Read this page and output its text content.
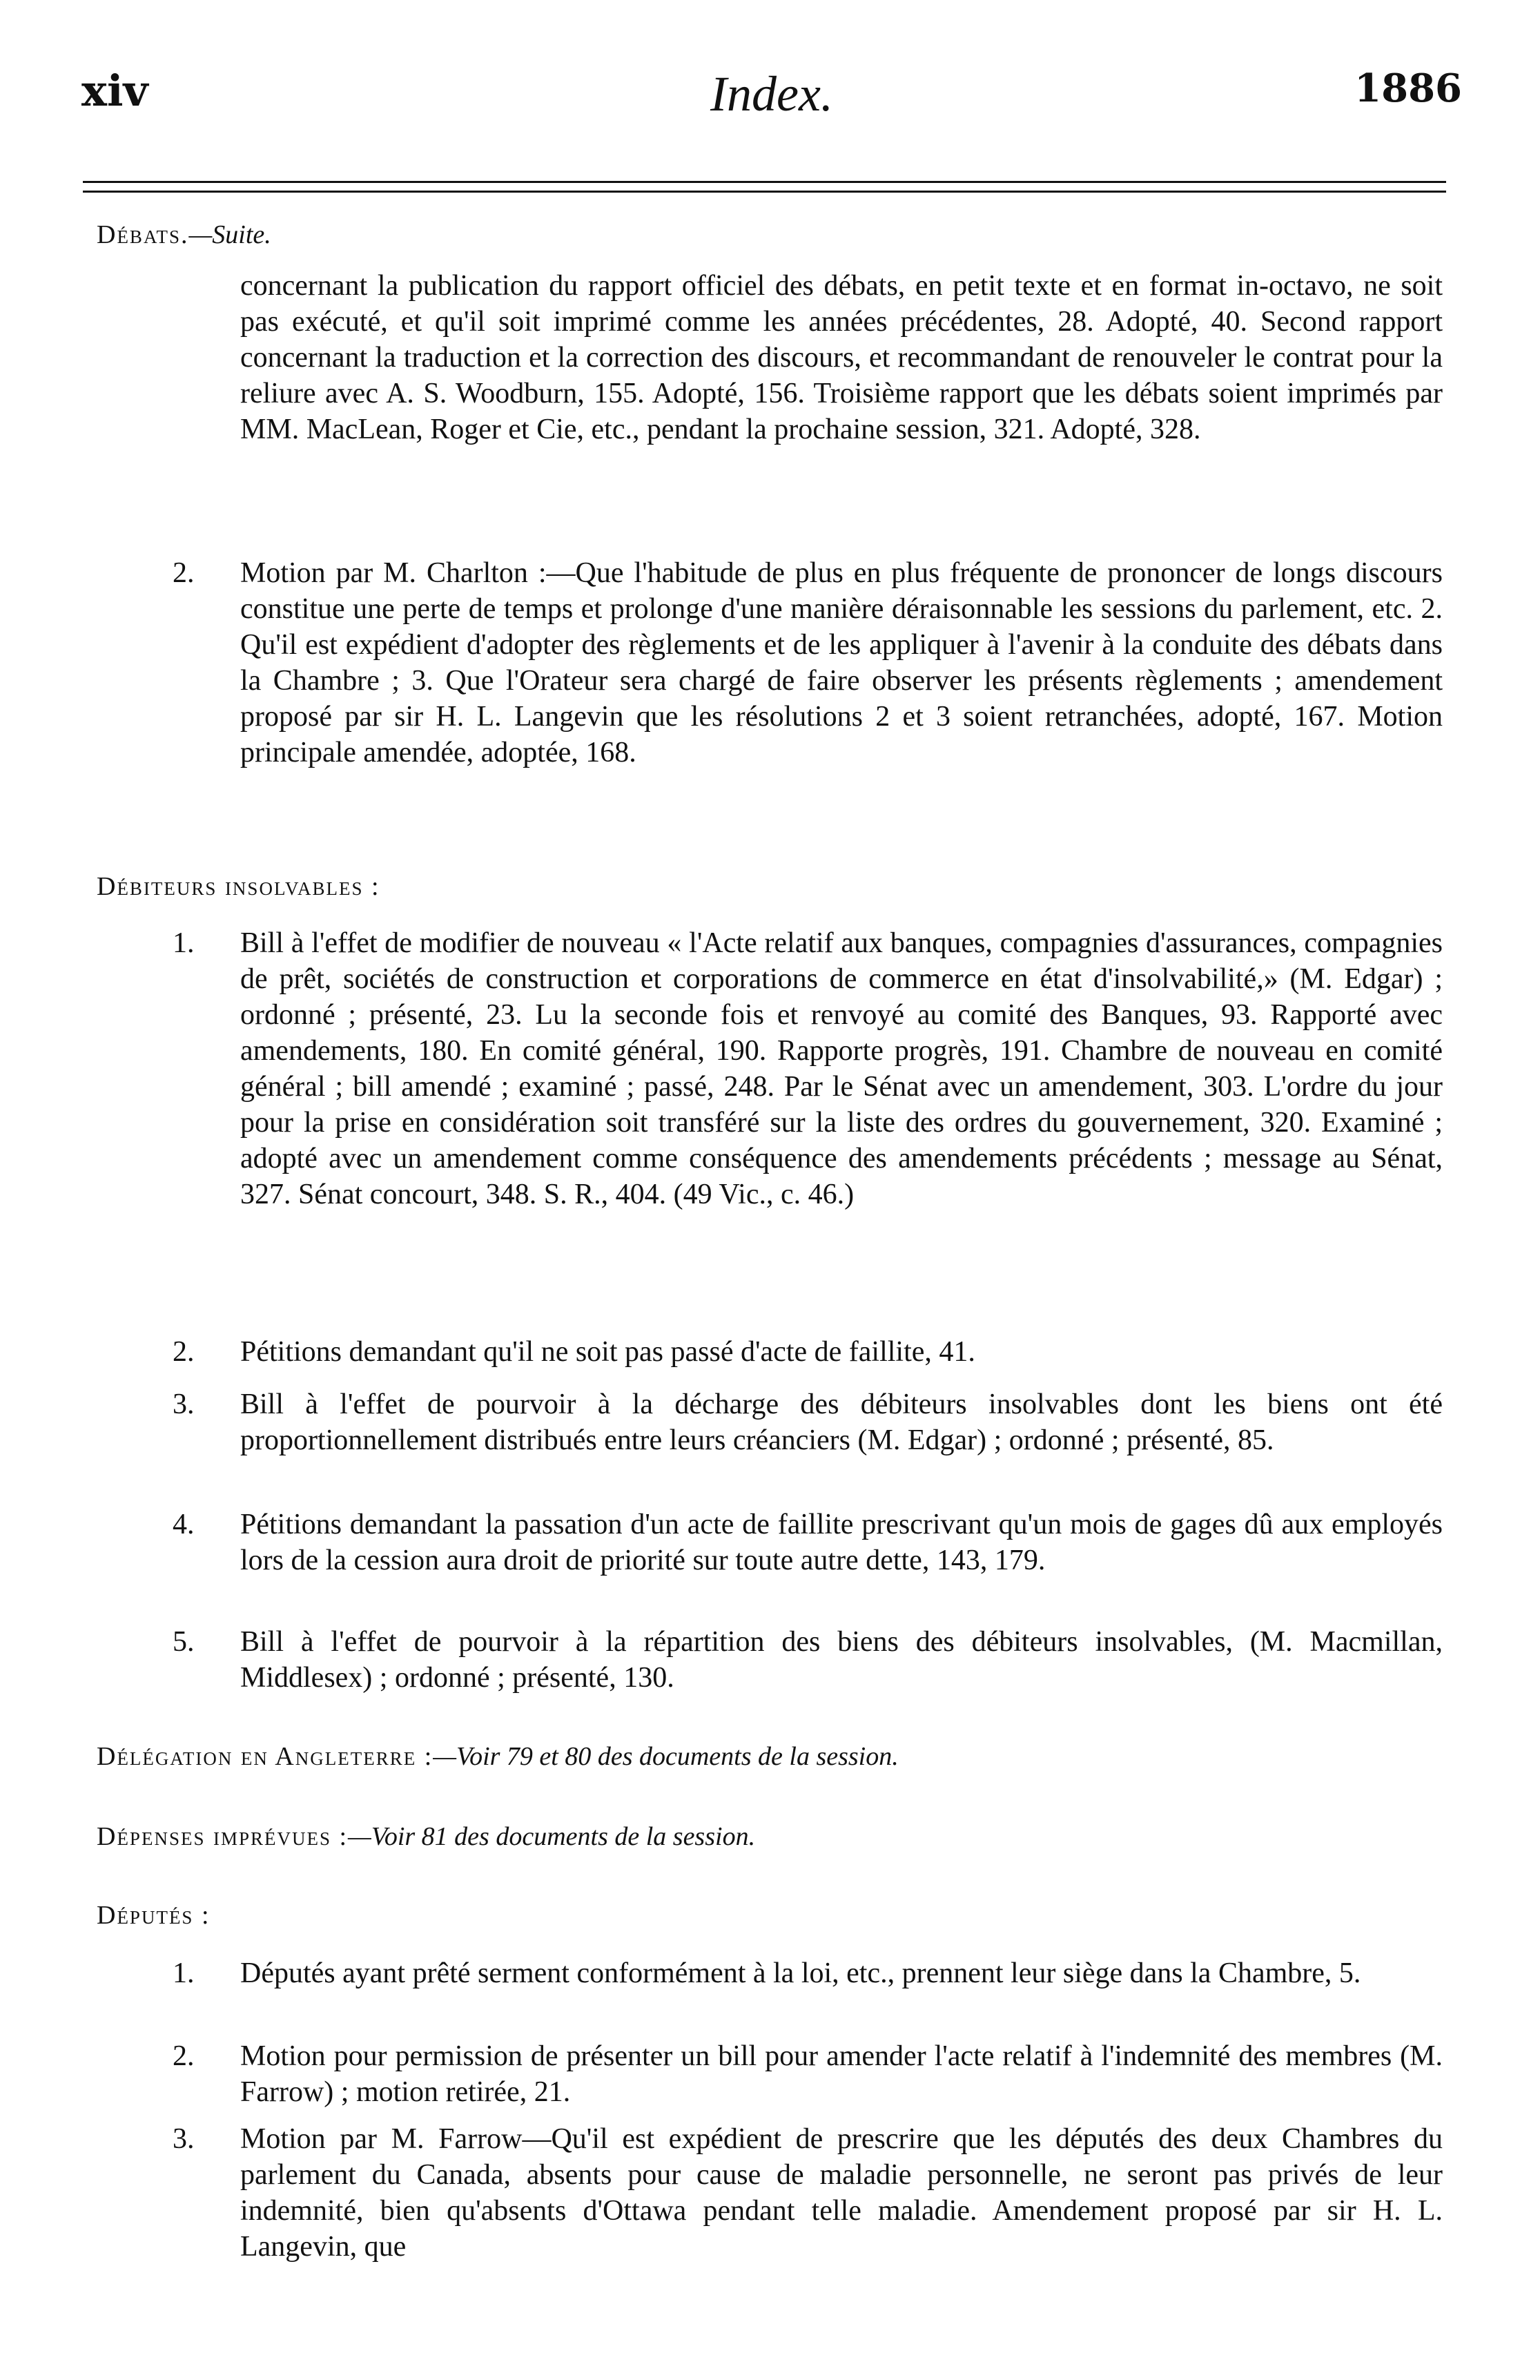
xiv	Index.	1886
Débats.—Suite.
concernant la publication du rapport officiel des débats, en petit texte et en format in-octavo, ne soit pas exécuté, et qu'il soit imprimé comme les années précédentes, 28. Adopté, 40. Second rapport concernant la traduction et la correction des discours, et recommandant de renouveler le contrat pour la reliure avec A. S. Woodburn, 155. Adopté, 156. Troisième rapport que les débats soient imprimés par MM. MacLean, Roger et Cie, etc., pendant la prochaine session, 321. Adopté, 328.
2.	Motion par M. Charlton :—Que l'habitude de plus en plus fréquente de prononcer de longs discours constitue une perte de temps et prolonge d'une manière déraisonnable les sessions du parlement, etc. 2. Qu'il est expédient d'adopter des règlements et de les appliquer à l'avenir à la conduite des débats dans la Chambre ; 3. Que l'Orateur sera chargé de faire observer les présents règlements ; amendement proposé par sir H. L. Langevin que les résolutions 2 et 3 soient retranchées, adopté, 167. Motion principale amendée, adoptée, 168.
Débiteurs insolvables :
1.	Bill à l'effet de modifier de nouveau « l'Acte relatif aux banques, compagnies d'assurances, compagnies de prêt, sociétés de construction et corporations de commerce en état d'insolvabilité,» (M. Edgar) ; ordonné ; présenté, 23. Lu la seconde fois et renvoyé au comité des Banques, 93. Rapporté avec amendements, 180. En comité général, 190. Rapporte progrès, 191. Chambre de nouveau en comité général ; bill amendé ; examiné ; passé, 248. Par le Sénat avec un amendement, 303. L'ordre du jour pour la prise en considération soit transféré sur la liste des ordres du gouvernement, 320. Examiné ; adopté avec un amendement comme conséquence des amendements précédents ; message au Sénat, 327. Sénat concourt, 348. S. R., 404. (49 Vic., c. 46.)
2.	Pétitions demandant qu'il ne soit pas passé d'acte de faillite, 41.
3.	Bill à l'effet de pourvoir à la décharge des débiteurs insolvables dont les biens ont été proportionnellement distribués entre leurs créanciers (M. Edgar) ; ordonné ; présenté, 85.
4.	Pétitions demandant la passation d'un acte de faillite prescrivant qu'un mois de gages dû aux employés lors de la cession aura droit de priorité sur toute autre dette, 143, 179.
5.	Bill à l'effet de pourvoir à la répartition des biens des débiteurs insolvables, (M. Macmillan, Middlesex) ; ordonné ; présenté, 130.
Délégation en Angleterre :—Voir 79 et 80 des documents de la session.
Dépenses imprévues :—Voir 81 des documents de la session.
Députés :
1.	Députés ayant prêté serment conformément à la loi, etc., prennent leur siège dans la Chambre, 5.
2.	Motion pour permission de présenter un bill pour amender l'acte relatif à l'indemnité des membres (M. Farrow) ; motion retirée, 21.
3.	Motion par M. Farrow—Qu'il est expédient de prescrire que les députés des deux Chambres du parlement du Canada, absents pour cause de maladie personnelle, ne seront pas privés de leur indemnité, bien qu'absents d'Ottawa pendant telle maladie. Amendement proposé par sir H. L. Langevin, que
